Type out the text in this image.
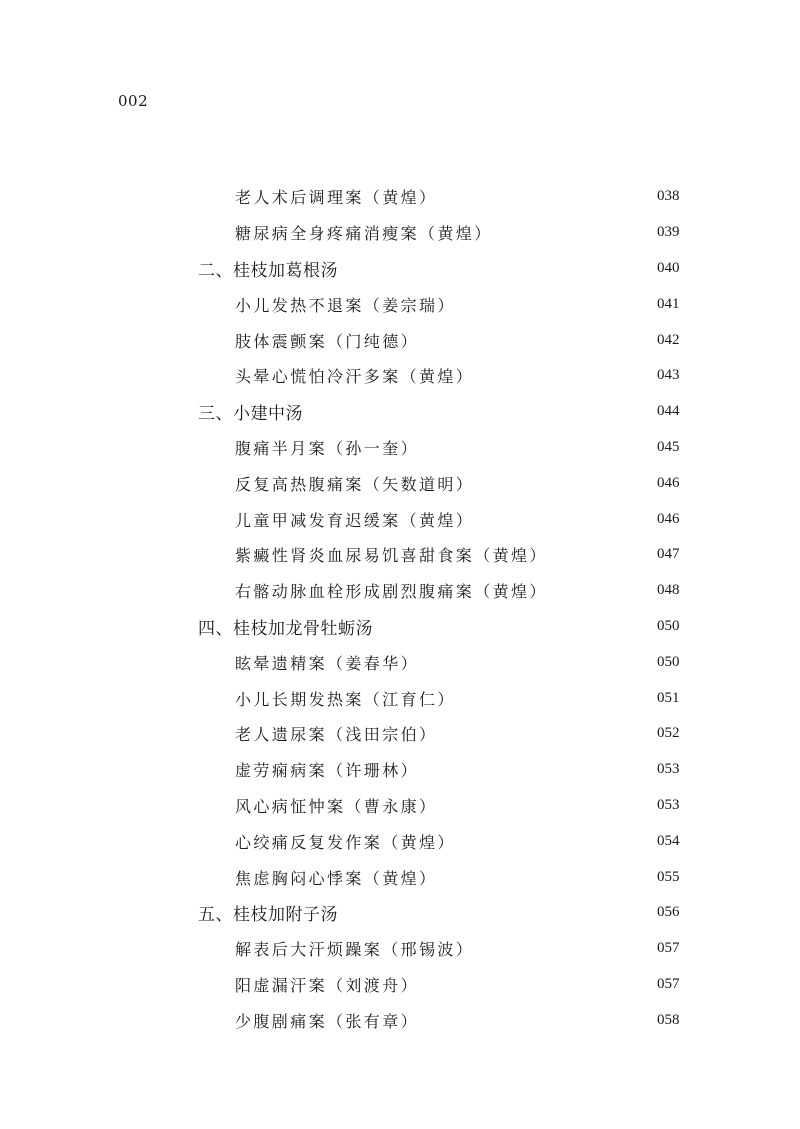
002
老人术后调理案（黄煌）	038
糖尿病全身疼痛消瘦案（黄煌）	039
二、桂枝加葛根汤	040
小儿发热不退案（姜宗瑞）	041
肢体震颤案（门纯德）	042
头晕心慌怕冷汗多案（黄煌）	043
三、小建中汤	044
腹痛半月案（孙一奎）	045
反复高热腹痛案（矢数道明）	046
儿童甲减发育迟缓案（黄煌）	046
紫癜性肾炎血尿易饥喜甜食案（黄煌）	047
右髂动脉血栓形成剧烈腹痛案（黄煌）	048
四、桂枝加龙骨牡蛎汤	050
眩晕遗精案（姜春华）	050
小儿长期发热案（江育仁）	051
老人遗尿案（浅田宗伯）	052
虚劳痫病案（许珊林）	053
风心病怔忡案（曹永康）	053
心绞痛反复发作案（黄煌）	054
焦虑胸闷心悸案（黄煌）	055
五、桂枝加附子汤	056
解表后大汗烦躁案（邢锡波）	057
阳虚漏汗案（刘渡舟）	057
少腹剧痛案（张有章）	058
